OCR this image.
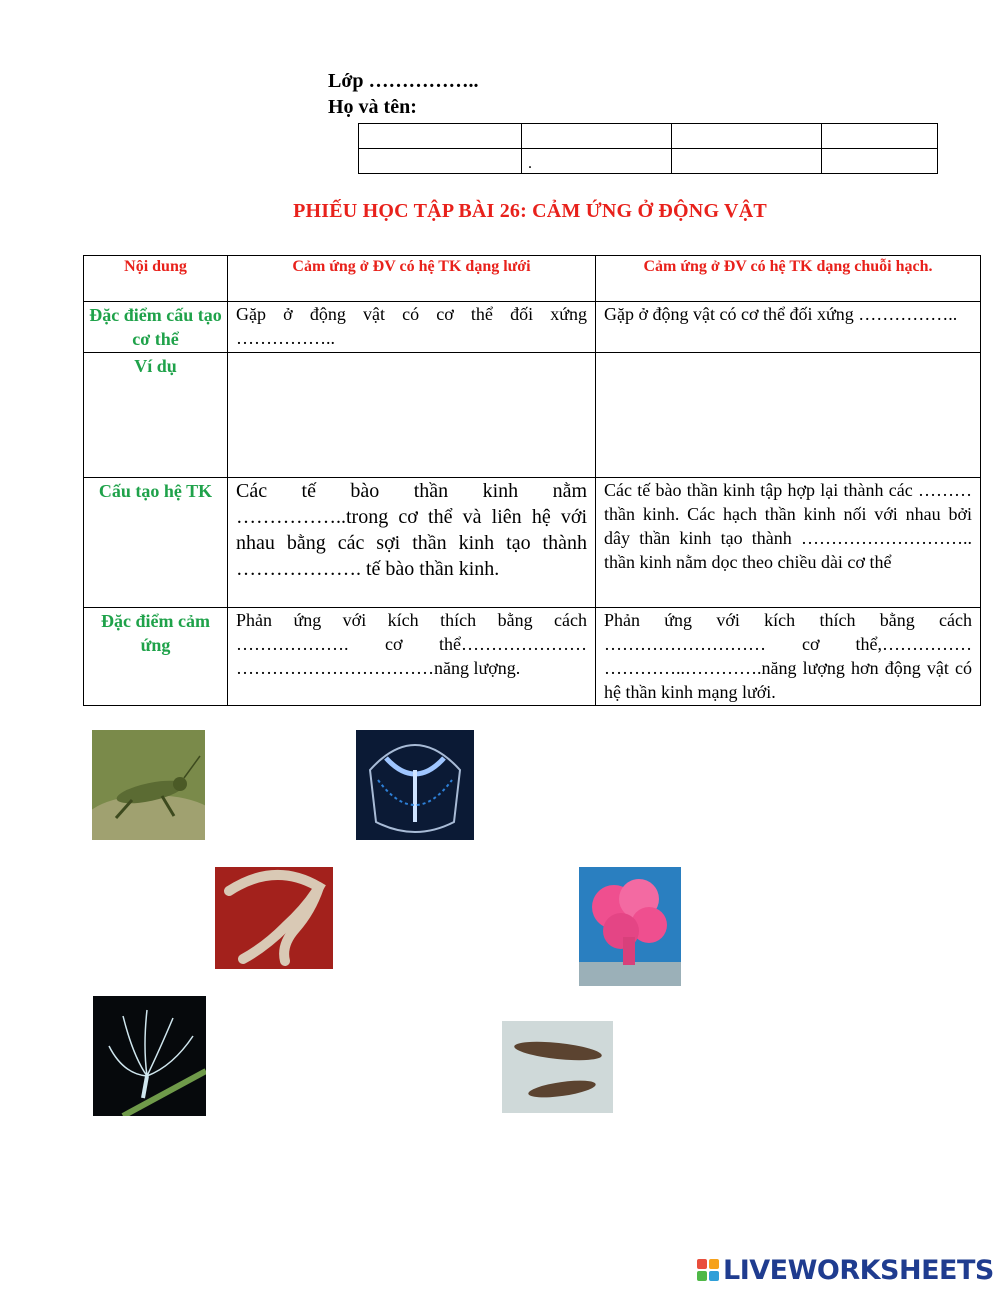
Lớp ……………..
Họ và tên:

	.		
PHIẾU HỌC TẬP BÀI 26: CẢM ỨNG Ở ĐỘNG VẬT
Nội dung	Cảm ứng ở ĐV có hệ TK dạng lưới	Cảm ứng ở ĐV có hệ TK dạng chuỗi hạch.
Đặc điểm cấu tạo cơ thể	Gặp ở động vật có cơ thể đối xứng ……………..	Gặp ở động vật có cơ thể đối xứng ……………..
Ví dụ		
Cấu tạo hệ TK	Các tế bào thần kinh nằm ……………..trong cơ thể và liên hệ với nhau bằng các sợi thần kinh tạo thành ………………. tế bào thần kinh.	Các tế bào thần kinh tập hợp lại thành các ………thần kinh. Các hạch thần kinh nối với nhau bởi dây thần kinh tạo thành ……………………….. thần kinh nằm dọc theo chiều dài cơ thể
Đặc điểm cảm ứng	Phản ứng với kích thích bằng cách ………………. cơ thể………………… ……………………………năng lượng.	Phản ứng với kích thích bằng cách ……………………… cơ thể,…………… …………..………….năng lượng hơn động vật có hệ thần kinh mạng lưới.
LIVEWORKSHEETS
